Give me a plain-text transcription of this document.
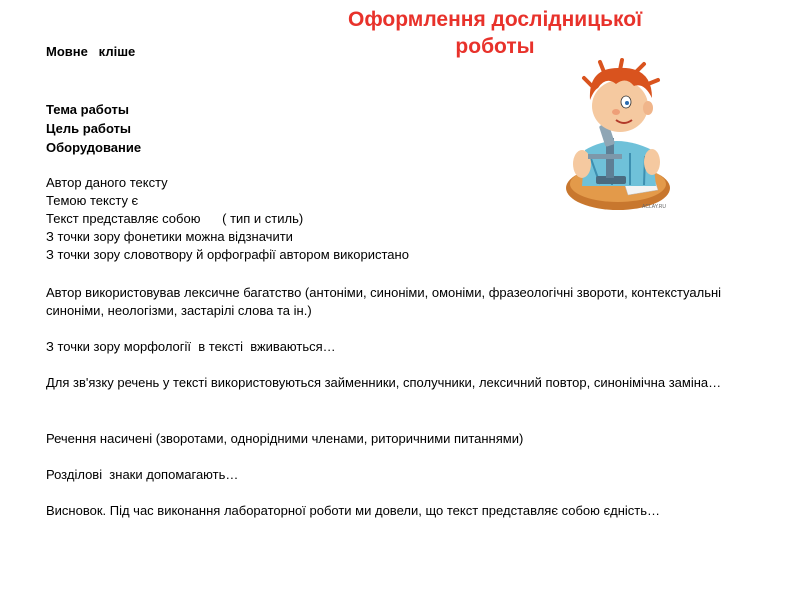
Оформлення дослідницької
роботы
Мовне   кліше
Тема работы
Цель работы
Оборудование
Автор даного тексту
Темою тексту є
Текст представляє собою      ( тип и стиль)
З точки зору фонетики можна відзначити
З точки зору словотвору й орфографії автором використано
Автор використовував лексичне багатство (антоніми, синоніми, омоніми, фразеологічні звороти, контекстуальні синоніми, неологізми, застарілі слова та ін.)
З точки зору морфології  в тексті  вживаються…
Для зв'язку речень у тексті використовуються займенники, сполучники, лексичний повтор, синонімічна заміна…
Речення насичені (зворотами, однорідними членами, риторичними питаннями)
Розділові  знаки допомагають…
Висновок. Під час виконання лабораторної роботи ми довели, що текст представляє собою єдність…
ACLAY.RU
